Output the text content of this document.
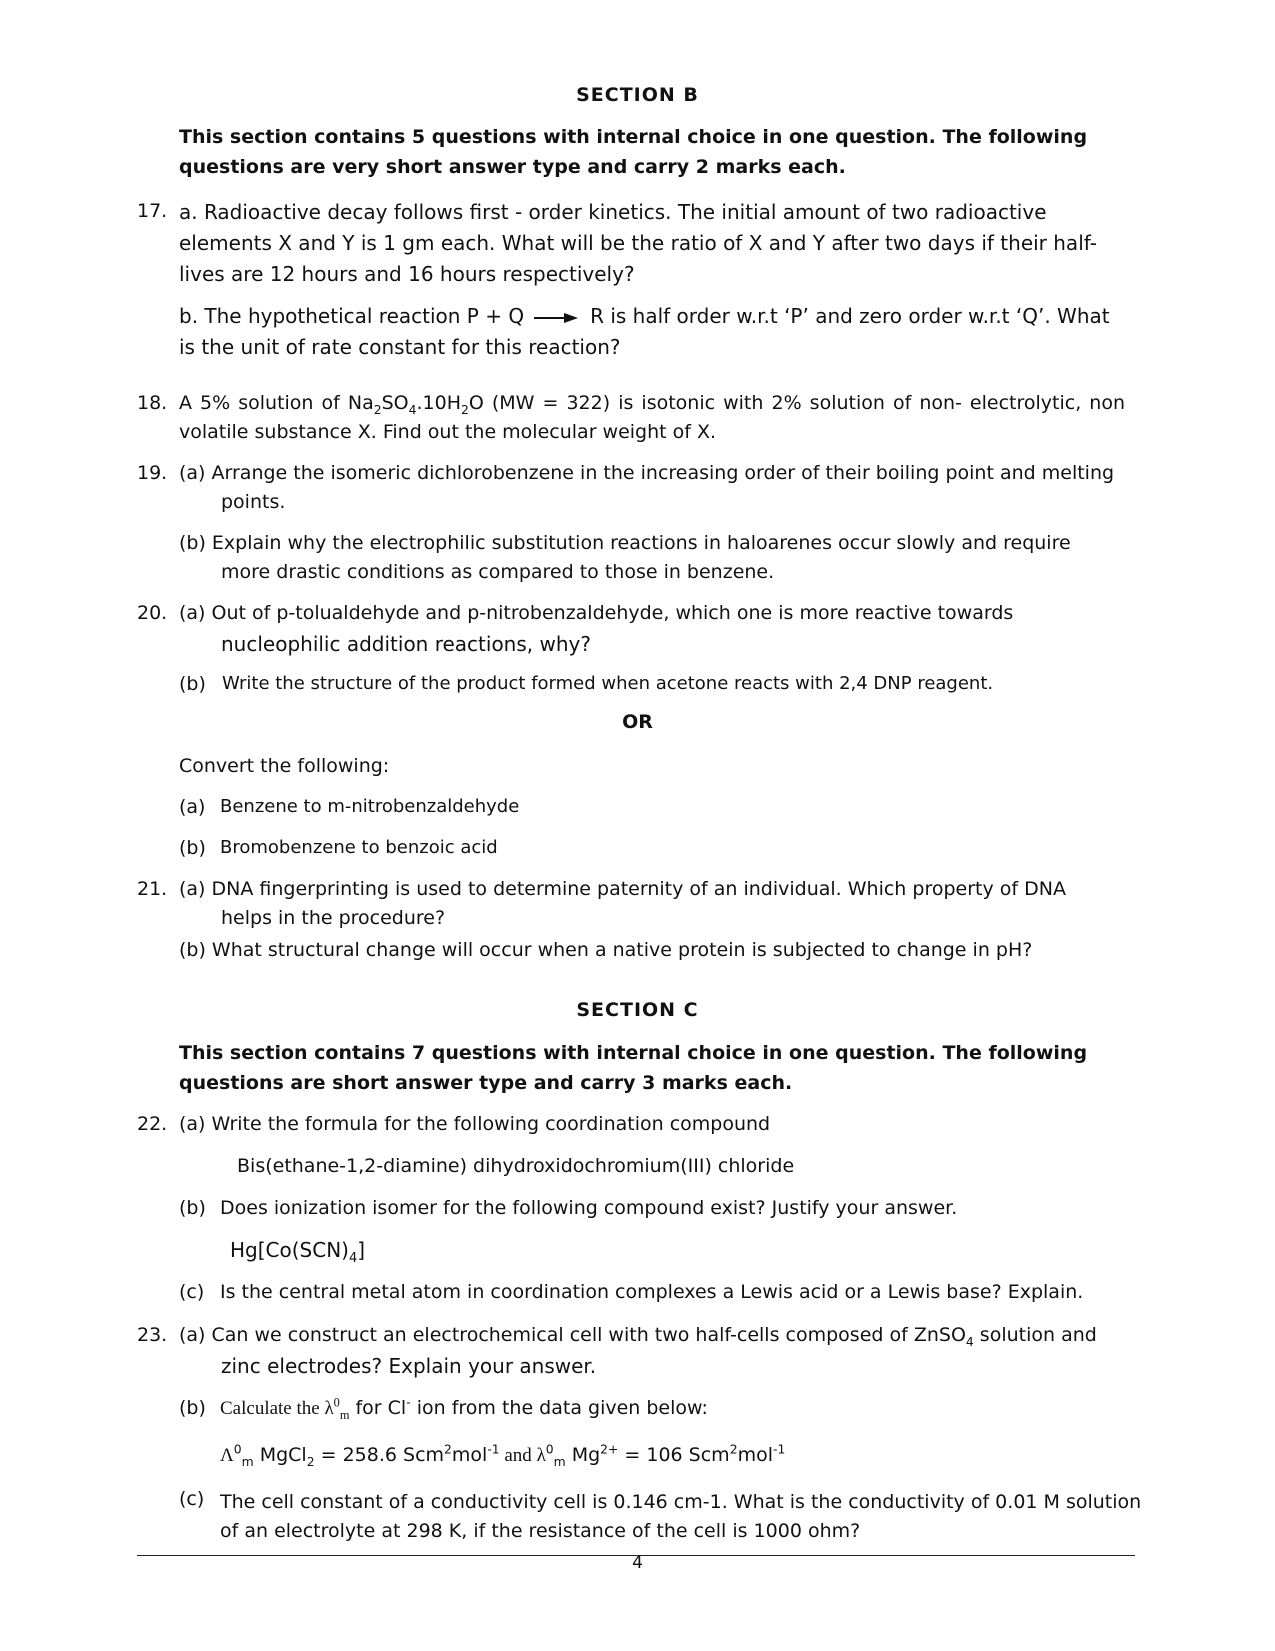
SECTION B
This section contains 5 questions with internal choice in one question. The following questions are very short answer type and carry 2 marks each.
17. a. Radioactive decay follows first - order kinetics. The initial amount of two radioactive
elements X and Y is 1 gm each. What will be the ratio of X and Y after two days if their half-
lives are 12 hours and 16 hours respectively?
b. The hypothetical reaction P + Q → R is half order w.r.t ‘P’ and zero order w.r.t ‘Q’. What
is the unit of rate constant for this reaction?
18. A 5% solution of $Na_2SO_4.10H_2O$ (MW = 322) is isotonic with 2% solution of non- electrolytic, non
volatile substance X. Find out the molecular weight of X.
19. (a) Arrange the isomeric dichlorobenzene in the increasing order of their boiling point and melting
points.
(b) Explain why the electrophilic substitution reactions in haloarenes occur slowly and require
more drastic conditions as compared to those in benzene.
20. (a) Out of p-tolualdehyde and p-nitrobenzaldehyde, which one is more reactive towards
nucleophilic addition reactions, why?
(b) Write the structure of the product formed when acetone reacts with 2,4 DNP reagent.
OR
Convert the following:
(a) Benzene to m-nitrobenzaldehyde
(b) Bromobenzene to benzoic acid
21. (a) DNA fingerprinting is used to determine paternity of an individual. Which property of DNA
helps in the procedure?
(b) What structural change will occur when a native protein is subjected to change in pH?
SECTION C
This section contains 7 questions with internal choice in one question. The following questions are short answer type and carry 3 marks each.
22. (a) Write the formula for the following coordination compound
Bis(ethane-1,2-diamine) dihydroxidochromium(III) chloride
(b) Does ionization isomer for the following compound exist? Justify your answer.
$Hg[Co(SCN)_4]$
(c) Is the central metal atom in coordination complexes a Lewis acid or a Lewis base? Explain.
23. (a) Can we construct an electrochemical cell with two half-cells composed of ZnSO$_4$ solution and
zinc electrodes? Explain your answer.
(b) Calculate the $\lambda^0_m$ for Cl- ion from the data given below:
$\Lambda^0_m$ MgCl$_2$ = 258.6 Scm$^2$mol$^{-1}$ and $\lambda^0_m$ $Mg^{2+} = 106$ Scm$^2$mol$^{-1}$
(c) The cell constant of a conductivity cell is 0.146 cm-1. What is the conductivity of 0.01 M solution
of an electrolyte at 298 K, if the resistance of the cell is 1000 ohm?
4
